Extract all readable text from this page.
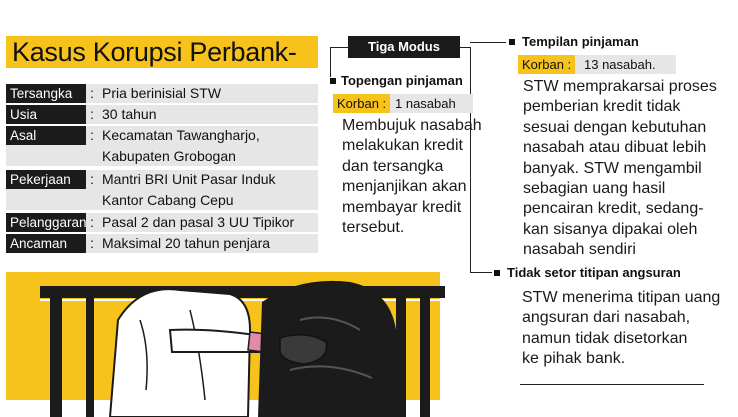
Kasus Korupsi Perbank-
Tersangka	: Pria berinisial STW
Usia	: 30 tahun
Asal	: Kecamatan Tawangharjo,
Kabupaten Grobogan
Pekerjaan	: Mantri BRI Unit Pasar Induk
Kantor Cabang Cepu
Pelanggaran : Pasal 2 dan pasal 3 UU Tipikor
Ancaman	: Maksimal 20 tahun penjara
Tiga Modus
Topengan pinjaman
Korban : 1 nasabah
Membujuk nasabah
melakukan kredit
dan tersangka
menjanjikan akan
membayar kredit
tersebut.
Tempilan pinjaman
Korban : 13 nasabah.
STW memprakarsai proses
pemberian kredit tidak
sesuai dengan kebutuhan
nasabah atau dibuat lebih
banyak. STW mengambil
sebagian uang hasil
pencairan kredit, sedang-
kan sisanya dipakai oleh
nasabah sendiri
Tidak setor titipan angsuran
STW menerima titipan uang
angsuran dari nasabah,
namun tidak disetorkan
ke pihak bank.
